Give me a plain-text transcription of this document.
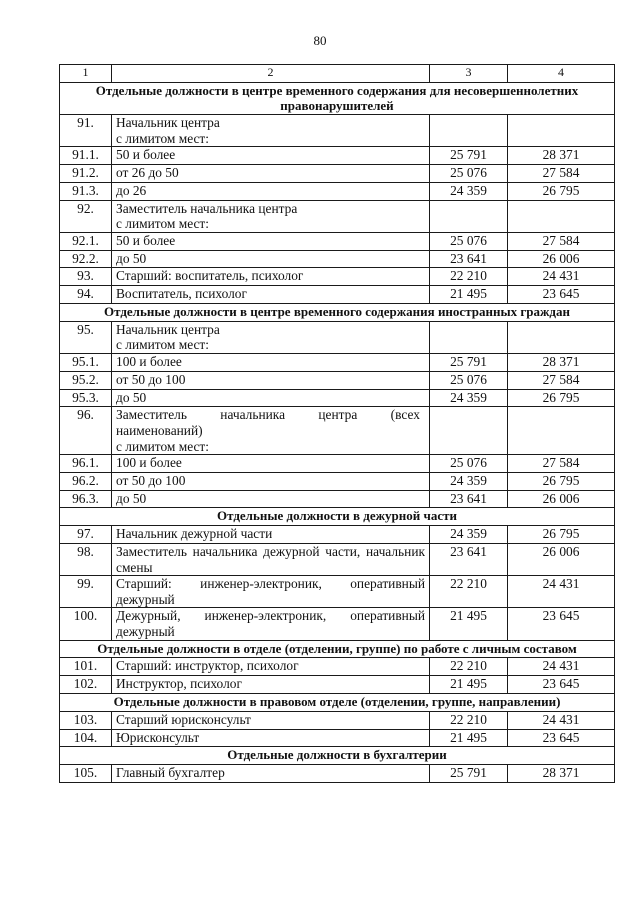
80
1	2	3	4
Отдельные должности в центре временного содержания для несовершеннолетних правонарушителей			
91.	Начальник центра
с лимитом мест:		

91.1.	50 и более	25 791	28 371
91.2.	от 26 до 50	25 076	27 584
91.3.	до 26	24 359	26 795
92.	Заместитель начальника центра
с лимитом мест:		

92.1.	50 и более	25 076	27 584
92.2.	до 50	23 641	26 006
93.	Старший: воспитатель, психолог	22 210	24 431
94.	Воспитатель, психолог	21 495	23 645
Отдельные должности в центре временного содержания иностранных граждан			
95.	Начальник центра
с лимитом мест:		

95.1.	100 и более	25 791	28 371
95.2.	от 50 до 100	25 076	27 584
95.3.	до 50	24 359	26 795
96.	Заместитель начальника центра (всех
наименований)
с лимитом мест:		

96.1.	100 и более	25 076	27 584
96.2.	от 50 до 100	24 359	26 795
96.3.	до 50	23 641	26 006
Отдельные должности в дежурной части			
97.	Начальник дежурной части	24 359	26 795
98.	Заместитель начальника дежурной части, начальник смены	23 641	26 006
99.	Старший: инженер-электроник, оперативный дежурный	22 210	24 431
100.	Дежурный, инженер-электроник, оперативный дежурный	21 495	23 645
Отдельные должности в отделе (отделении, группе) по работе с личным составом			
101.	Старший: инструктор, психолог	22 210	24 431
102.	Инструктор, психолог	21 495	23 645
Отдельные должности в правовом отделе (отделении, группе, направлении)			
103.	Старший юрисконсульт	22 210	24 431
104.	Юрисконсульт	21 495	23 645
Отдельные должности в бухгалтерии			
105.	Главный бухгалтер	25 791	28 371
